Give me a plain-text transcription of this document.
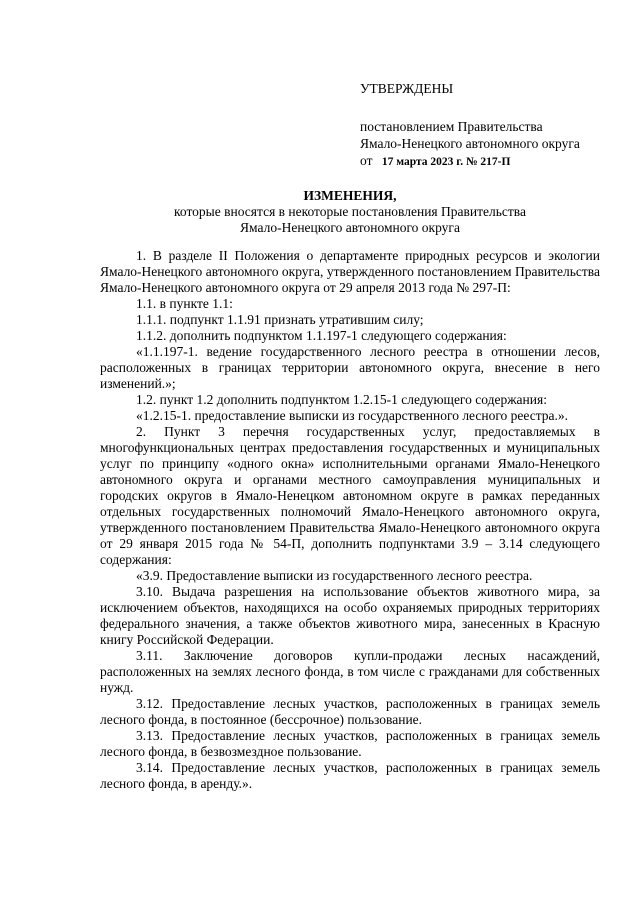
УТВЕРЖДЕНЫ
постановлением Правительства
Ямало-Ненецкого автономного округа
от 17 марта 2023 г. № 217-П
ИЗМЕНЕНИЯ,
которые вносятся в некоторые постановления Правительства
Ямало-Ненецкого автономного округа

1. В разделе II Положения о департаменте природных ресурсов и экологии Ямало-Ненецкого автономного округа, утвержденного постановлением Правительства Ямало-Ненецкого автономного округа от 29 апреля 2013 года № 297-П:

1.1. в пункте 1.1:

1.1.1. подпункт 1.1.91 признать утратившим силу;

1.1.2. дополнить подпунктом 1.1.197-1 следующего содержания:

«1.1.197-1. ведение государственного лесного реестра в отношении лесов, расположенных в границах территории автономного округа, внесение в него изменений.»;

1.2. пункт 1.2 дополнить подпунктом 1.2.15-1 следующего содержания:

«1.2.15-1. предоставление выписки из государственного лесного реестра.».

2. Пункт 3 перечня государственных услуг, предоставляемых в многофункциональных центрах предоставления государственных и муниципальных услуг по принципу «одного окна» исполнительными органами Ямало-Ненецкого автономного округа и органами местного самоуправления муниципальных и городских округов в Ямало-Ненецком автономном округе в рамках переданных отдельных государственных полномочий Ямало-Ненецкого автономного округа, утвержденного постановлением Правительства Ямало-Ненецкого автономного округа от 29 января 2015 года № 54-П, дополнить подпунктами 3.9 – 3.14 следующего содержания:

«3.9. Предоставление выписки из государственного лесного реестра.

3.10. Выдача разрешения на использование объектов животного мира, за исключением объектов, находящихся на особо охраняемых природных территориях федерального значения, а также объектов животного мира, занесенных в Красную книгу Российской Федерации.

3.11. Заключение договоров купли-продажи лесных насаждений, расположенных на землях лесного фонда, в том числе с гражданами для собственных нужд.

3.12. Предоставление лесных участков, расположенных в границах земель лесного фонда, в постоянное (бессрочное) пользование.

3.13. Предоставление лесных участков, расположенных в границах земель лесного фонда, в безвозмездное пользование.

3.14. Предоставление лесных участков, расположенных в границах земель лесного фонда, в аренду.».
